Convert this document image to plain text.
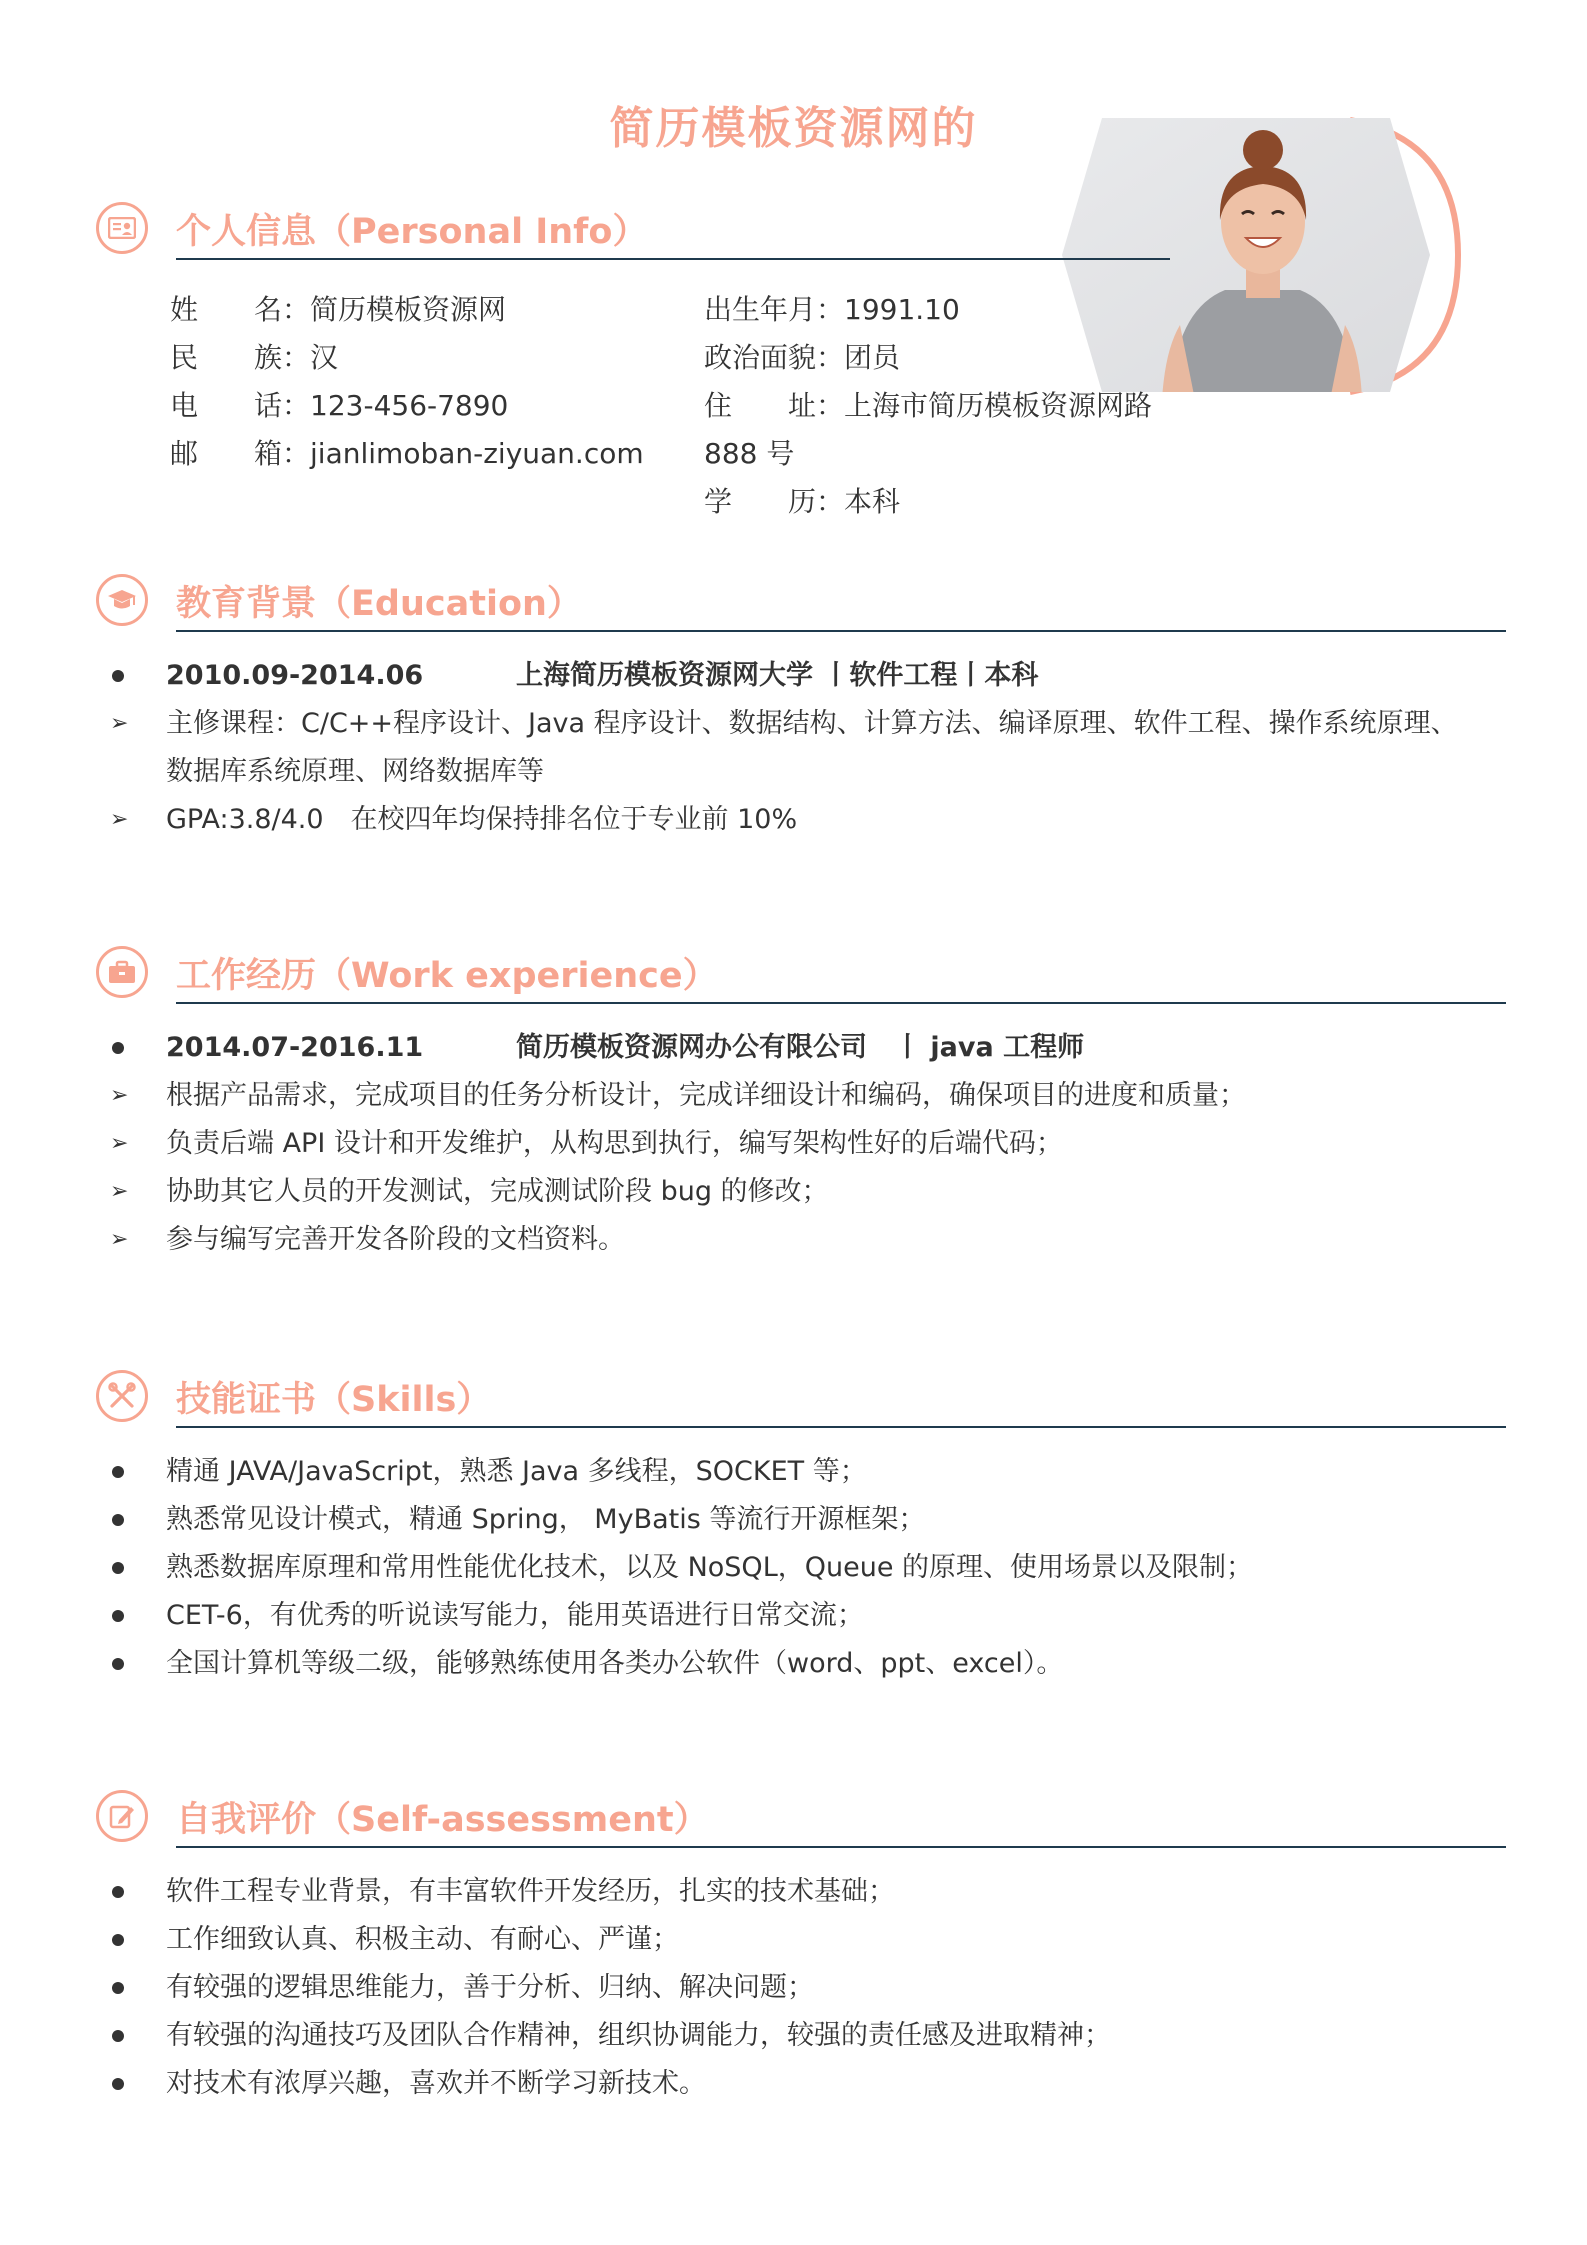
简历模板资源网的
个人信息（Personal Info）
姓　　名：简历模板资源网
民　　族：汉
电　　话：123-456-7890
邮　　箱：jianlimoban-ziyuan.com
出生年月：1991.10
政治面貌：团员
住　　址：上海市简历模板资源网路
888 号
学　　历：本科
教育背景（Education）
2010.09-2014.06	上海简历模板资源网大学 丨软件工程丨本科
➢ 主修课程：C/C++程序设计、Java 程序设计、数据结构、计算方法、编译原理、软件工程、操作系统原理、
数据库系统原理、网络数据库等
➢ GPA:3.8/4.0　在校四年均保持排名位于专业前 10%
工作经历（Work experience）
2014.07-2016.11	简历模板资源网办公有限公司　丨 java 工程师
➢ 根据产品需求，完成项目的任务分析设计，完成详细设计和编码，确保项目的进度和质量；
➢ 负责后端 API 设计和开发维护，从构思到执行，编写架构性好的后端代码；
➢ 协助其它人员的开发测试，完成测试阶段 bug 的修改；
➢ 参与编写完善开发各阶段的文档资料。
技能证书（Skills）
精通 JAVA/JavaScript，熟悉 Java 多线程，SOCKET 等；
熟悉常见设计模式，精通 Spring， MyBatis 等流行开源框架；
熟悉数据库原理和常用性能优化技术，以及 NoSQL，Queue 的原理、使用场景以及限制；
CET-6，有优秀的听说读写能力，能用英语进行日常交流；
全国计算机等级二级，能够熟练使用各类办公软件（word、ppt、excel）。
自我评价（Self-assessment）
软件工程专业背景，有丰富软件开发经历，扎实的技术基础；
工作细致认真、积极主动、有耐心、严谨；
有较强的逻辑思维能力，善于分析、归纳、解决问题；
有较强的沟通技巧及团队合作精神，组织协调能力，较强的责任感及进取精神；
对技术有浓厚兴趣，喜欢并不断学习新技术。
